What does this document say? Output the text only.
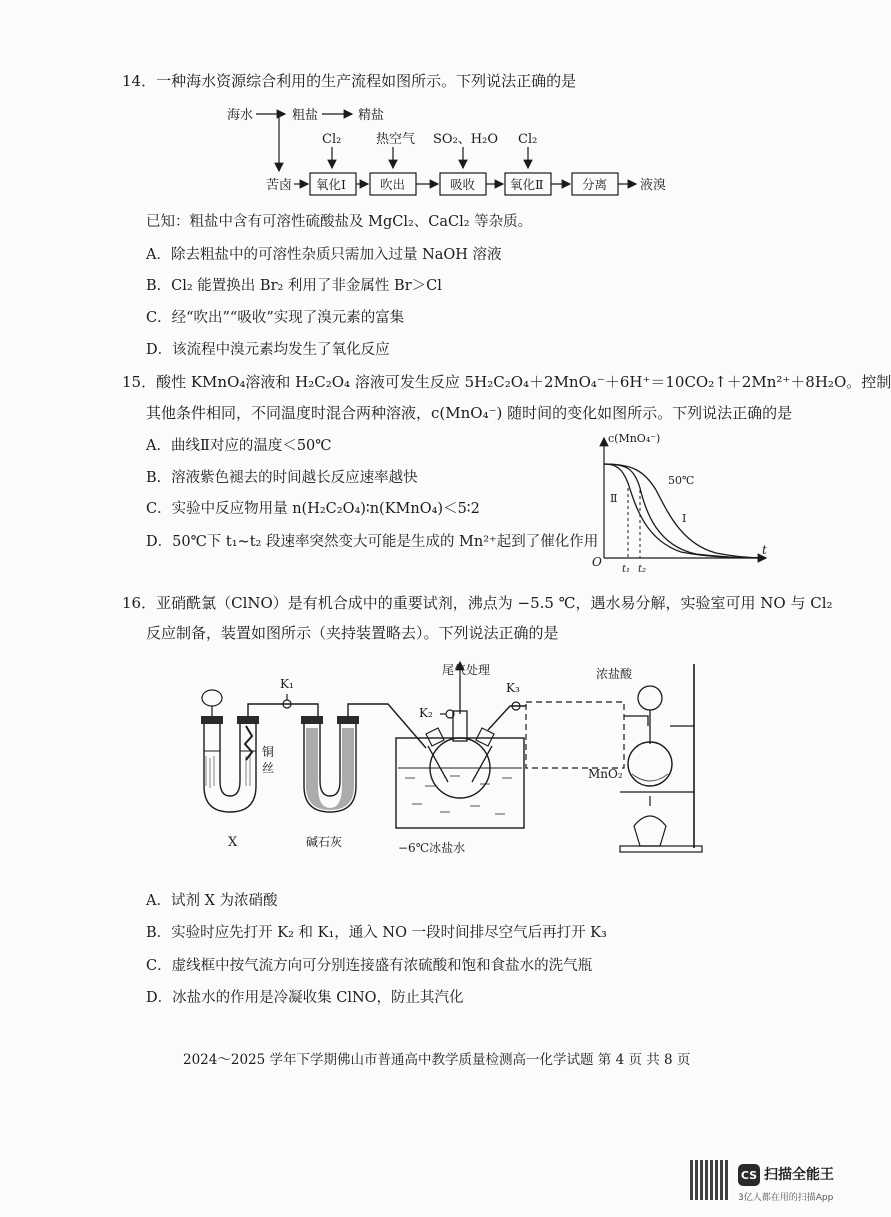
14．一种海水资源综合利用的生产流程如图所示。下列说法正确的是
海水	粗盐	精盐
Cl₂	热空气 SO₂、H₂O Cl₂
苦卤 氧化Ⅰ	吹出	吸收	氧化Ⅱ	分离	液溴
已知：粗盐中含有可溶性硫酸盐及 MgCl₂、CaCl₂ 等杂质。
A．除去粗盐中的可溶性杂质只需加入过量 NaOH 溶液
B．Cl₂ 能置换出 Br₂ 利用了非金属性 Br＞Cl
C．经“吹出”“吸收”实现了溴元素的富集
D．该流程中溴元素均发生了氧化反应
15．酸性 KMnO₄溶液和 H₂C₂O₄ 溶液可发生反应 5H₂C₂O₄＋2MnO₄⁻＋6H⁺＝10CO₂↑＋2Mn²⁺＋8H₂O。控制
其他条件相同，不同温度时混合两种溶液，c(MnO₄⁻) 随时间的变化如图所示。下列说法正确的是
A．曲线Ⅱ对应的温度＜50℃
B．溶液紫色褪去的时间越长反应速率越快
C．实验中反应物用量 n(H₂C₂O₄)∶n(KMnO₄)＜5∶2
D．50℃下 t₁~t₂ 段速率突然变大可能是生成的 Mn²⁺起到了催化作用
c(MnO₄⁻)
t
O
t₁ t₂
50℃
Ⅱ
Ⅰ
16．亚硝酰氯（ClNO）是有机合成中的重要试剂，沸点为 −5.5 ℃，遇水易分解，实验室可用 NO 与 Cl₂
反应制备，装置如图所示（夹持装置略去）。下列说法正确的是
铜
丝
X
K₁
碱石灰	−6℃冰盐水
尾气处理
K₂
K₃
浓盐酸
MnO₂
A．试剂 X 为浓硝酸
B．实验时应先打开 K₂ 和 K₁，通入 NO 一段时间排尽空气后再打开 K₃
C．虚线框中按气流方向可分别连接盛有浓硫酸和饱和食盐水的洗气瓶
D．冰盐水的作用是冷凝收集 ClNO，防止其汽化
2024～2025 学年下学期佛山市普通高中教学质量检测高一化学试题 第 4 页 共 8 页
CS 扫描全能王
3亿人都在用的扫描App
